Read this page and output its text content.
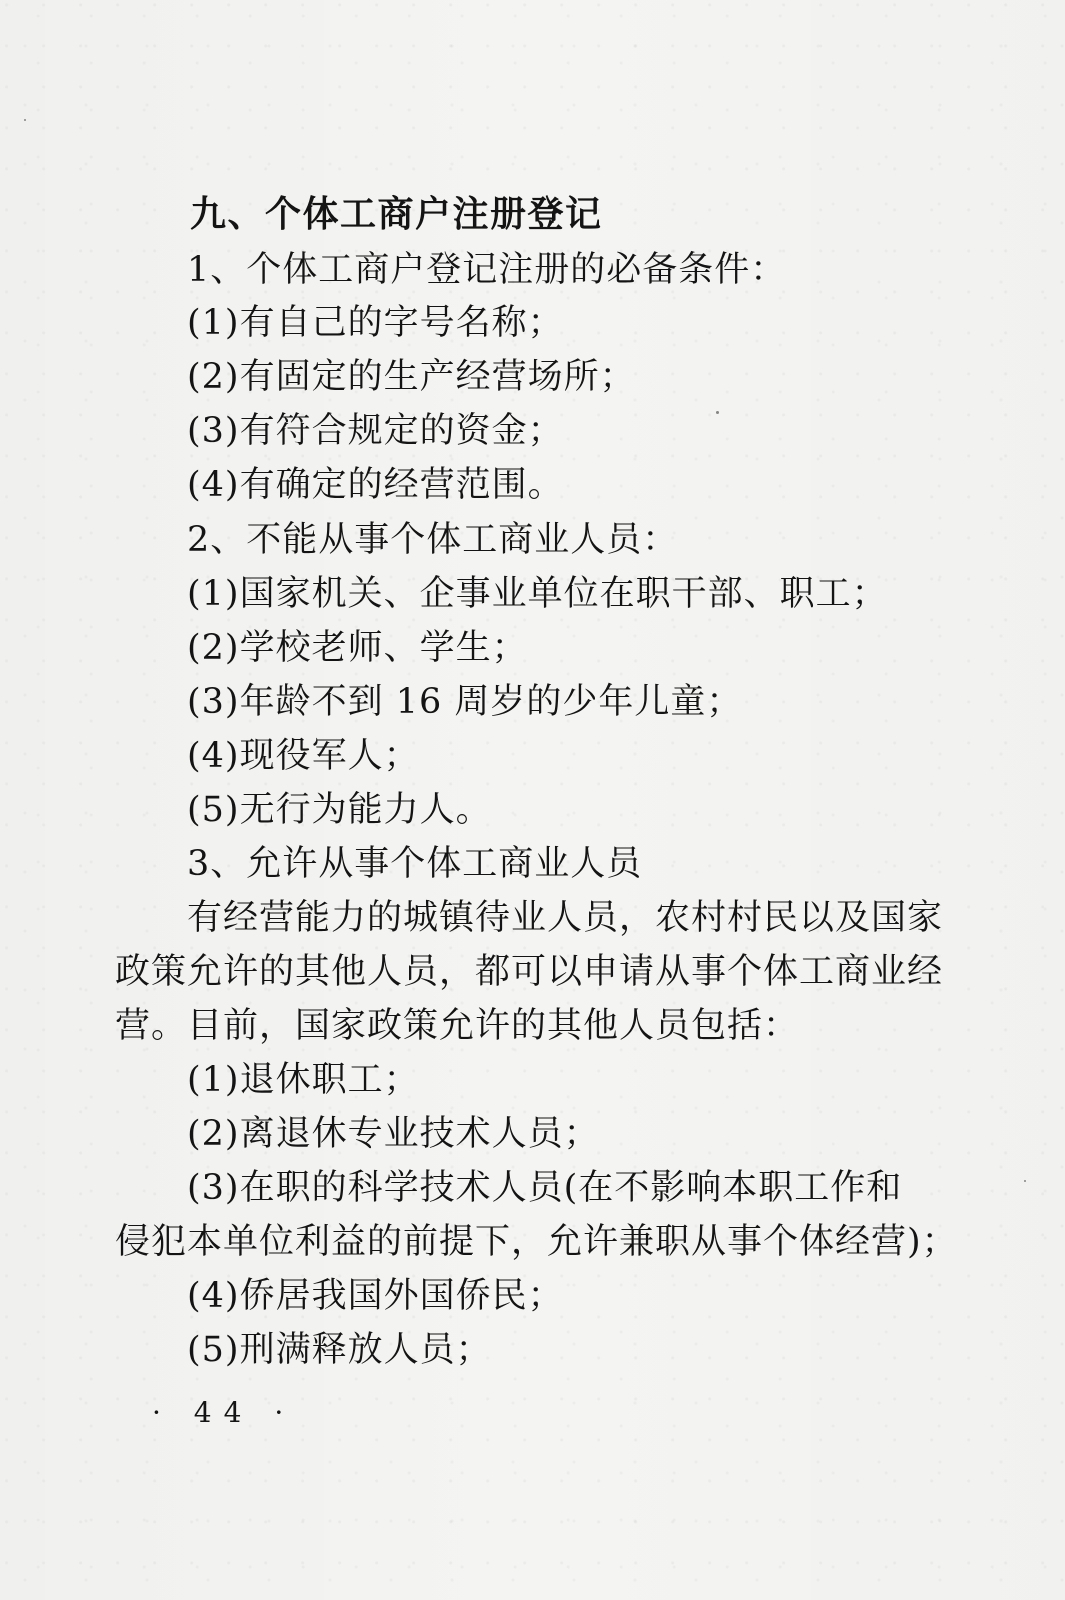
九、个体工商户注册登记
1、个体工商户登记注册的必备条件：
(1)有自己的字号名称；
(2)有固定的生产经营场所；
(3)有符合规定的资金；
(4)有确定的经营范围。
2、不能从事个体工商业人员：
(1)国家机关、企事业单位在职干部、职工；
(2)学校老师、学生；
(3)年龄不到 16 周岁的少年儿童；
(4)现役军人；
(5)无行为能力人。
3、允许从事个体工商业人员
有经营能力的城镇待业人员，农村村民以及国家
政策允许的其他人员，都可以申请从事个体工商业经
营。目前，国家政策允许的其他人员包括：
(1)退休职工；
(2)离退休专业技术人员；
(3)在职的科学技术人员(在不影响本职工作和
侵犯本单位利益的前提下，允许兼职从事个体经营)；
(4)侨居我国外国侨民；
(5)刑满释放人员；
· 44 ·
